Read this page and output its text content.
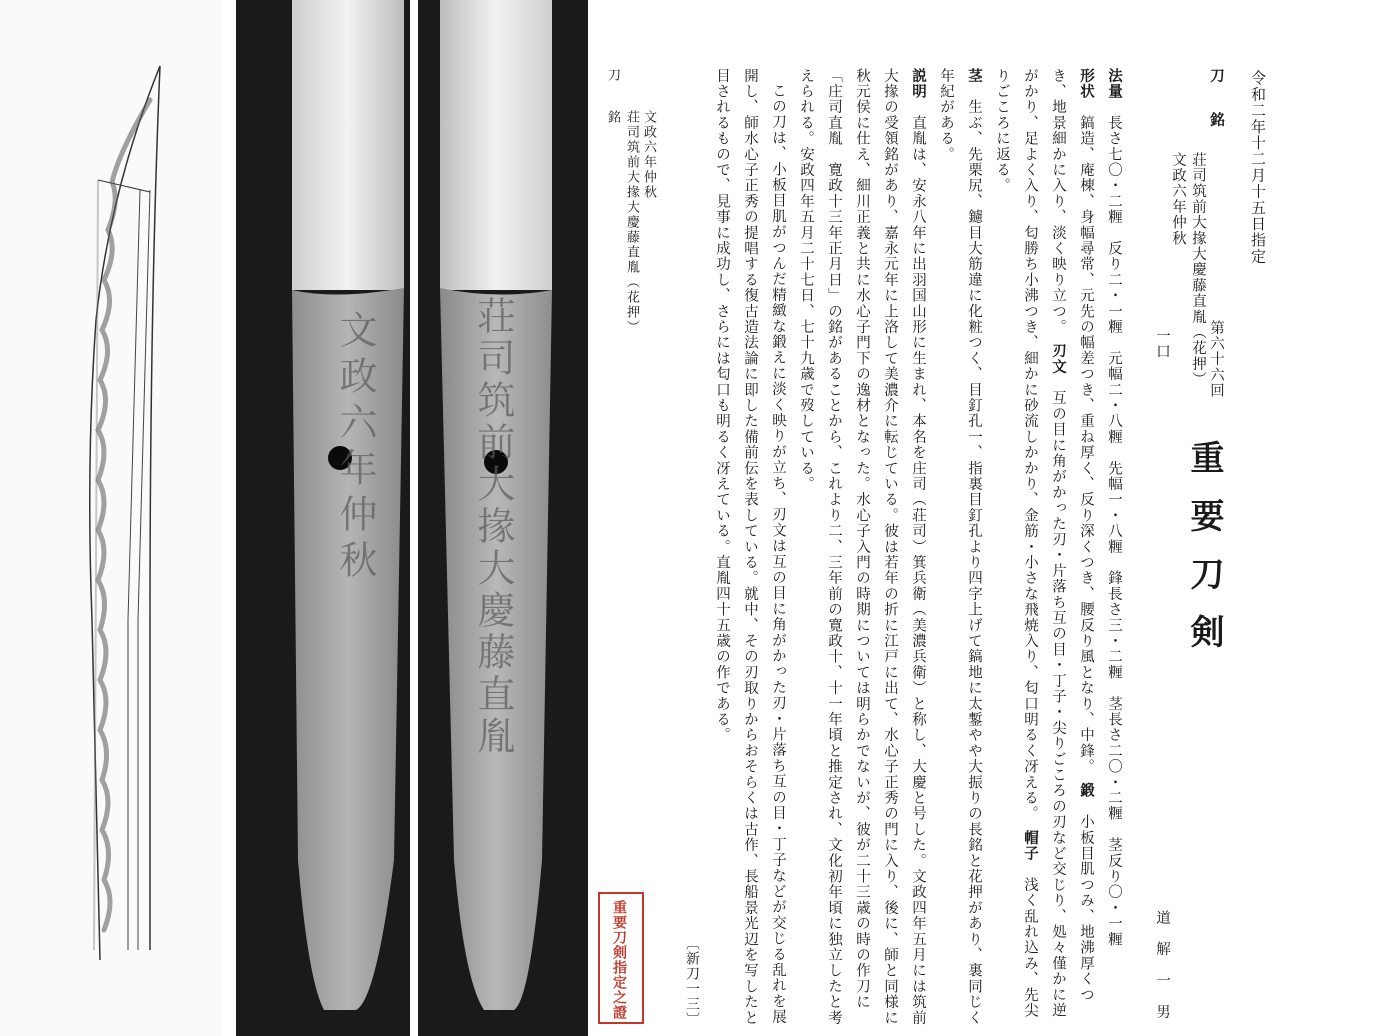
文政六年仲秋 荘司筑前大掾大慶藤直胤
刀
銘 荘司筑前大掾大慶藤直胤（花押） 文政六年仲秋
重要刀剣指定之證
令和二年十二月十五日指定
刀
銘
荘司筑前大掾大慶藤直胤（花押）
文政六年仲秋
第六十六回
重要刀剣
一口
道　解　一　男
法量　長さ七〇・二糎　反り二・一糎　元幅二・八糎　先幅一・八糎　鋒長さ三・二糎　茎長さ二〇・二糎　茎反り〇・一糎

形状　鎬造、庵棟、身幅尋常、元先の幅差つき、重ね厚く、反り深くつき、腰反り風となり、中鋒。　鍛　小板目肌つみ、地沸厚くつき、地景細かに入り、淡く映り立つ。　刃文　互の目に角がかった刃・片落ち互の目・丁子・尖りごころの刃など交じり、処々僅かに逆がかり、足よく入り、匂勝ち小沸つき、細かに砂流しかかり、金筋・小さな飛焼入り、匂口明るく冴える。　帽子　浅く乱れ込み、先尖りごころに返る。

茎　生ぶ、先栗尻、鑢目大筋違に化粧つく、目釘孔一、指裏目釘孔より四字上げて鎬地に太鏨やや大振りの長銘と花押があり、裏同じく年紀がある。

説明　直胤は、安永八年に出羽国山形に生まれ、本名を庄司（荘司）箕兵衛（美濃兵衛）と称し、大慶と号した。文政四年五月には筑前大掾の受領銘があり、嘉永元年に上洛して美濃介に転じている。彼は若年の折に江戸に出て、水心子正秀の門に入り、後に、師と同様に秋元侯に仕え、細川正義と共に水心子門下の逸材となった。水心子入門の時期については明らかでないが、彼が二十三歳の時の作刀に「庄司直胤　寛政十三年正月日」の銘があることから、これより二、三年前の寛政十、十一年頃と推定され、文化初年頃に独立したと考えられる。安政四年五月二十七日、七十九歳で歿している。

この刀は、小板目肌がつんだ精緻な鍛えに淡く映りが立ち、刃文は互の目に角がかった刃・片落ち互の目・丁子などが交じる乱れを展開し、師水心子正秀の提唱する復古造法論に即した備前伝を表している。就中、その刃取りからおそらくは古作、長船景光辺を写したと目されるもので、見事に成功し、さらには匂口も明るく冴えている。直胤四十五歳の作である。

〔新刀一三〕
